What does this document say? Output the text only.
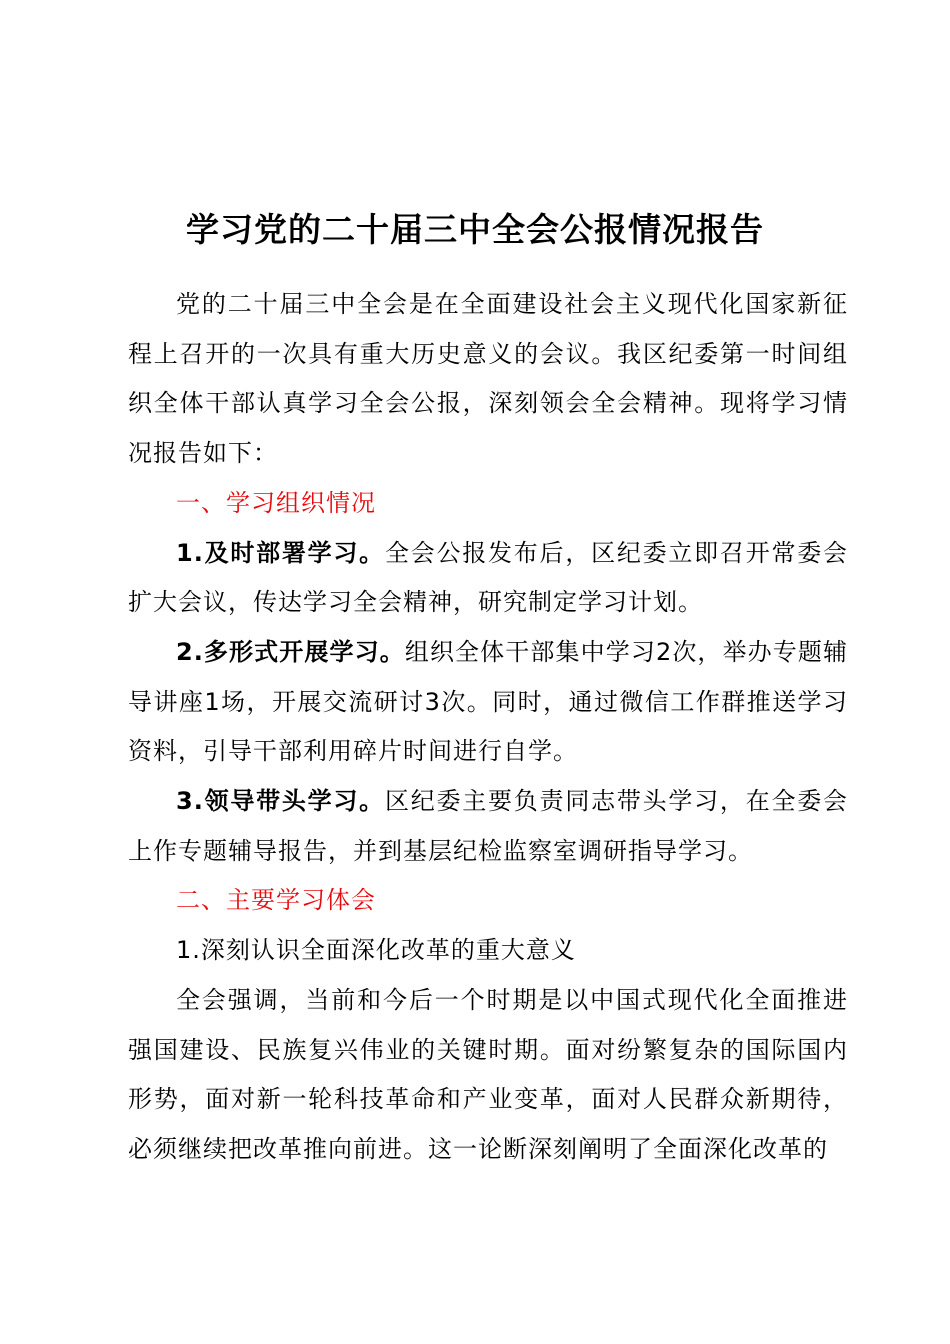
学习党的二十届三中全会公报情况报告

党的二十届三中全会是在全面建设社会主义现代化国家新征程上召开的一次具有重大历史意义的会议。我区纪委第一时间组织全体干部认真学习全会公报，深刻领会全会精神。现将学习情况报告如下：

一、学习组织情况

1.及时部署学习。全会公报发布后，区纪委立即召开常委会扩大会议，传达学习全会精神，研究制定学习计划。

2.多形式开展学习。组织全体干部集中学习2次，举办专题辅导讲座1场，开展交流研讨3次。同时，通过微信工作群推送学习资料，引导干部利用碎片时间进行自学。

3.领导带头学习。区纪委主要负责同志带头学习，在全委会上作专题辅导报告，并到基层纪检监察室调研指导学习。

二、主要学习体会

1.深刻认识全面深化改革的重大意义

全会强调，当前和今后一个时期是以中国式现代化全面推进强国建设、民族复兴伟业的关键时期。面对纷繁复杂的国际国内形势，面对新一轮科技革命和产业变革，面对人民群众新期待，必须继续把改革推向前进。这一论断深刻阐明了全面深化改革的
